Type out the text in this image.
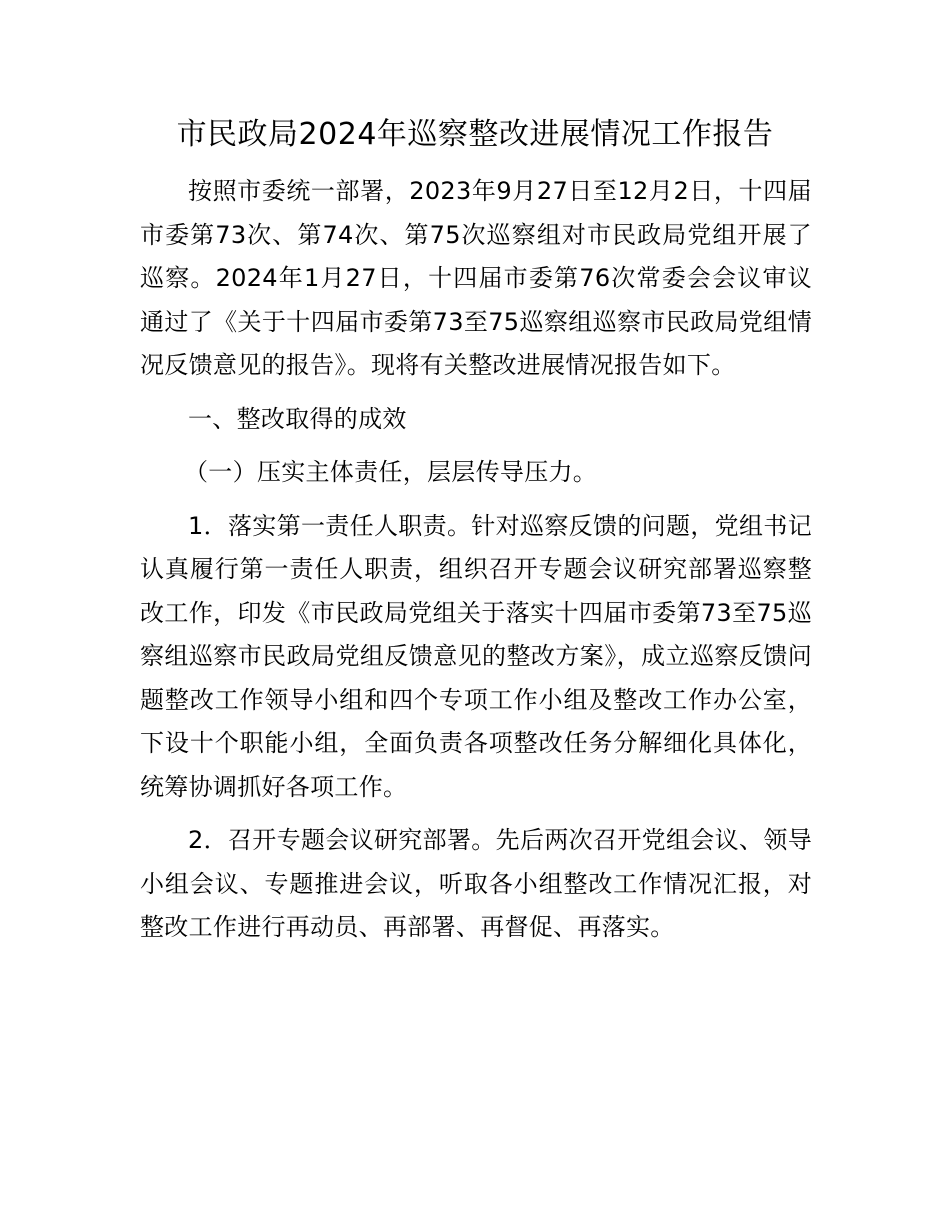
市民政局2024年巡察整改进展情况工作报告

按照市委统一部署，2023年9月27日至12月2日，十四届市委第73次、第74次、第75次巡察组对市民政局党组开展了巡察。2024年1月27日，十四届市委第76次常委会会议审议通过了《关于十四届市委第73至75巡察组巡察市民政局党组情况反馈意见的报告》。现将有关整改进展情况报告如下。

一、整改取得的成效

（一）压实主体责任，层层传导压力。

1．落实第一责任人职责。针对巡察反馈的问题，党组书记认真履行第一责任人职责，组织召开专题会议研究部署巡察整改工作，印发《市民政局党组关于落实十四届市委第73至75巡察组巡察市民政局党组反馈意见的整改方案》，成立巡察反馈问题整改工作领导小组和四个专项工作小组及整改工作办公室，下设十个职能小组，全面负责各项整改任务分解细化具体化，统筹协调抓好各项工作。

2．召开专题会议研究部署。先后两次召开党组会议、领导小组会议、专题推进会议，听取各小组整改工作情况汇报，对整改工作进行再动员、再部署、再督促、再落实。
